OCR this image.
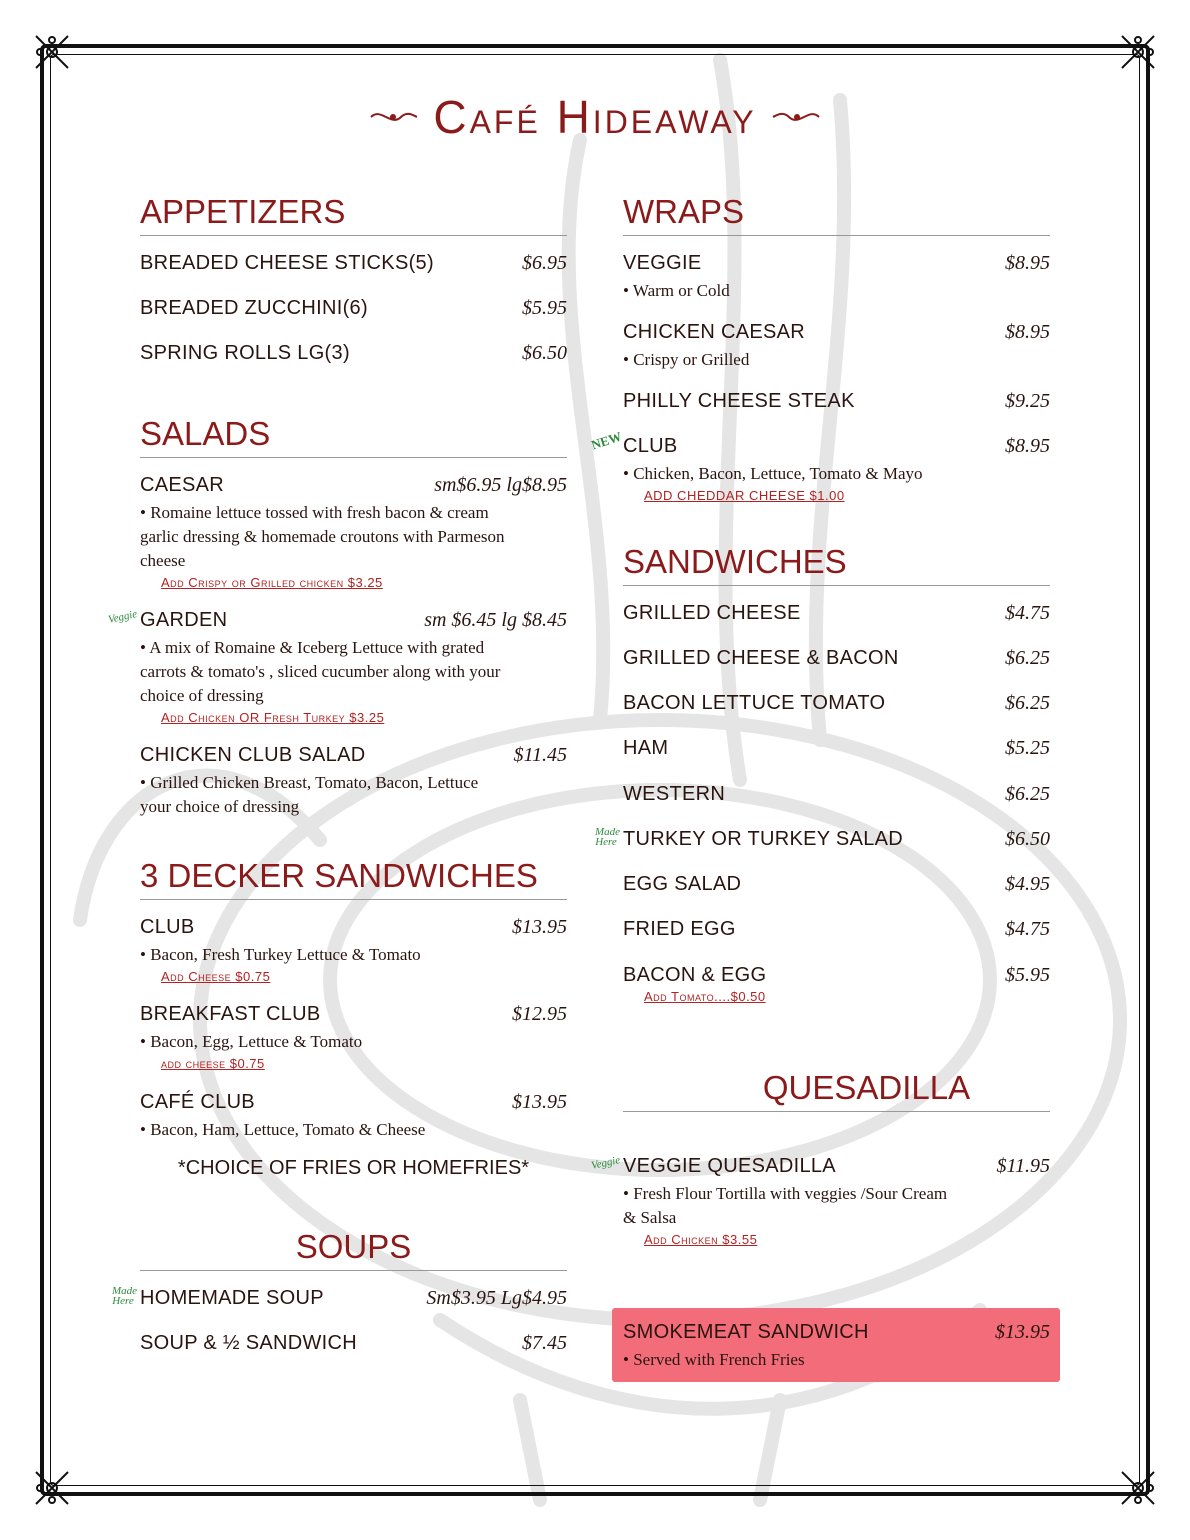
Café Hideaway
APPETIZERS
BREADED CHEESE STICKS(5)	$6.95
BREADED ZUCCHINI(6)	$5.95
SPRING ROLLS LG(3)	$6.50
SALADS
CAESAR	sm$6.95 lg$8.95
• Romaine lettuce tossed with fresh bacon & cream garlic dressing & homemade croutons with Parmeson cheese
Add Crispy or Grilled chicken $3.25
Veggie GARDEN	sm $6.45 lg $8.45
• A mix of Romaine & Iceberg Lettuce with grated carrots & tomato's , sliced cucumber along with your choice of dressing
Add Chicken OR Fresh Turkey $3.25
CHICKEN CLUB SALAD	$11.45
• Grilled Chicken Breast, Tomato, Bacon, Lettuce your choice of dressing
3 DECKER SANDWICHES
CLUB	$13.95
• Bacon, Fresh Turkey Lettuce & Tomato
Add Cheese $0.75
BREAKFAST CLUB	$12.95
• Bacon, Egg, Lettuce & Tomato
add cheese $0.75
CAFÉ CLUB	$13.95
• Bacon, Ham, Lettuce, Tomato & Cheese
*CHOICE OF FRIES OR HOMEFRIES*
SOUPS
Made Here HOMEMADE SOUP	Sm$3.95 Lg$4.95
SOUP & ½ SANDWICH	$7.45
WRAPS
VEGGIE	$8.95
• Warm or Cold
CHICKEN CAESAR	$8.95
• Crispy or Grilled
PHILLY CHEESE STEAK	$9.25
NEW CLUB	$8.95
• Chicken, Bacon, Lettuce, Tomato & Mayo
ADD CHEDDAR CHEESE $1.00
SANDWICHES
GRILLED CHEESE	$4.75
GRILLED CHEESE & BACON	$6.25
BACON LETTUCE TOMATO	$6.25
HAM	$5.25
WESTERN	$6.25
Made Here TURKEY OR TURKEY SALAD	$6.50
EGG SALAD	$4.95
FRIED EGG	$4.75
BACON & EGG	$5.95
Add Tomato....$0.50
QUESADILLA
Veggie VEGGIE QUESADILLA	$11.95
• Fresh Flour Tortilla with veggies /Sour Cream & Salsa
Add Chicken $3.55
SMOKEMEAT SANDWICH	$13.95
• Served with French Fries
